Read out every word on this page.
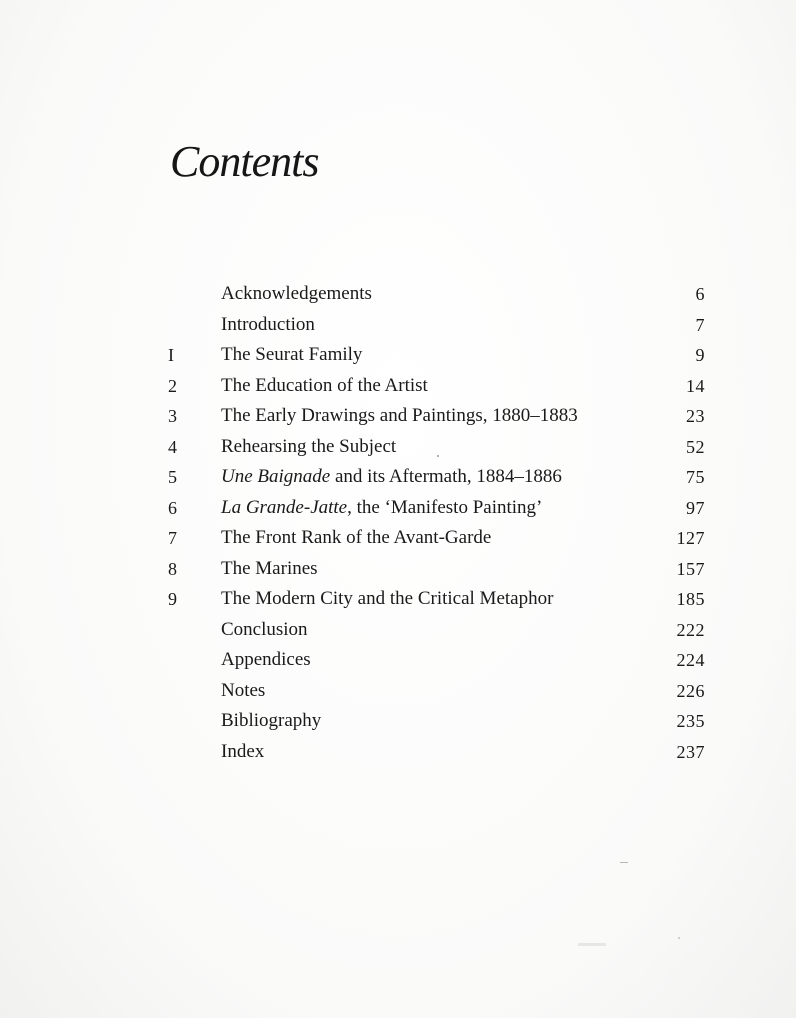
Contents
Acknowledgements	6
Introduction	7
I	The Seurat Family	9
2	The Education of the Artist	14
3	The Early Drawings and Paintings, 1880–1883	23
4	Rehearsing the Subject	52
5	Une Baignade and its Aftermath, 1884–1886	75
6	La Grande-Jatte, the ‘Manifesto Painting’	97
7	The Front Rank of the Avant-Garde	127
8	The Marines	157
9	The Modern City and the Critical Metaphor	185
Conclusion	222
Appendices	224
Notes	226
Bibliography	235
Index	237
